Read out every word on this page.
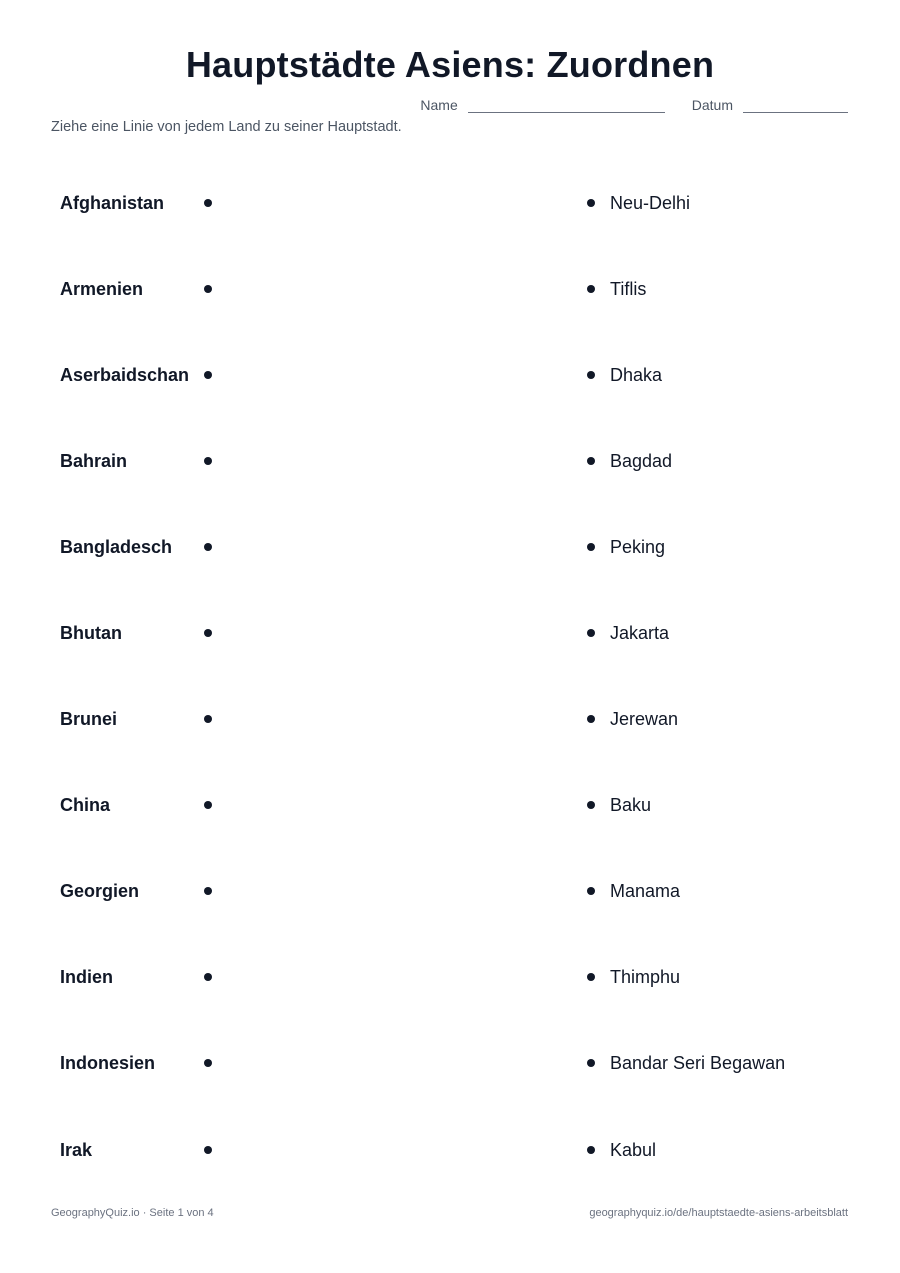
Hauptstädte Asiens: Zuordnen
Name	Datum

Ziehe eine Linie von jedem Land zu seiner Hauptstadt.

Afghanistan	Neu-Delhi
Armenien	Tiflis
Aserbaidschan	Dhaka
Bahrain	Bagdad
Bangladesch	Peking
Bhutan	Jakarta
Brunei	Jerewan
China	Baku
Georgien	Manama
Indien	Thimphu
Indonesien	Bandar Seri Begawan
Irak	Kabul
GeographyQuiz.io · Seite 1 von 4	geographyquiz.io/de/hauptstaedte-asiens-arbeitsblatt
